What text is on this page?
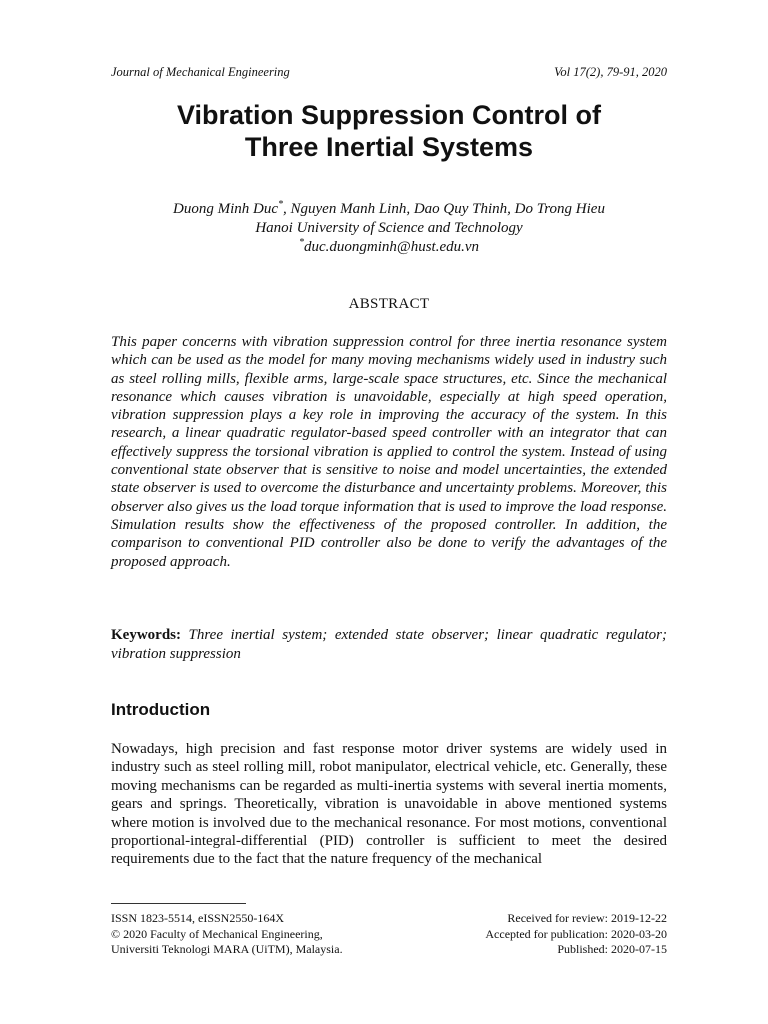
Journal of Mechanical Engineering	Vol 17(2), 79-91, 2020
Vibration Suppression Control of
Three Inertial Systems
Duong Minh Duc*, Nguyen Manh Linh, Dao Quy Thinh, Do Trong Hieu
Hanoi University of Science and Technology
*duc.duongminh@hust.edu.vn
ABSTRACT

This paper concerns with vibration suppression control for three inertia resonance system which can be used as the model for many moving mechanisms widely used in industry such as steel rolling mills, flexible arms, large-scale space structures, etc. Since the mechanical resonance which causes vibration is unavoidable, especially at high speed operation, vibration suppression plays a key role in improving the accuracy of the system. In this research, a linear quadratic regulator-based speed controller with an integrator that can effectively suppress the torsional vibration is applied to control the system. Instead of using conventional state observer that is sensitive to noise and model uncertainties, the extended state observer is used to overcome the disturbance and uncertainty problems. Moreover, this observer also gives us the load torque information that is used to improve the load response. Simulation results show the effectiveness of the proposed controller. In addition, the comparison to conventional PID controller also be done to verify the advantages of the proposed approach.

Keywords: Three inertial system; extended state observer; linear quadratic regulator; vibration suppression

Introduction

Nowadays, high precision and fast response motor driver systems are widely used in industry such as steel rolling mill, robot manipulator, electrical vehicle, etc. Generally, these moving mechanisms can be regarded as multi-inertia systems with several inertia moments, gears and springs. Theoretically, vibration is unavoidable in above mentioned systems where motion is involved due to the mechanical resonance. For most motions, conventional proportional-integral-differential (PID) controller is sufficient to meet the desired requirements due to the fact that the nature frequency of the mechanical

ISSN 1823-5514, eISSN2550-164X
© 2020 Faculty of Mechanical Engineering,
Universiti Teknologi MARA (UiTM), Malaysia.
Received for review: 2019-12-22
Accepted for publication: 2020-03-20
Published: 2020-07-15
